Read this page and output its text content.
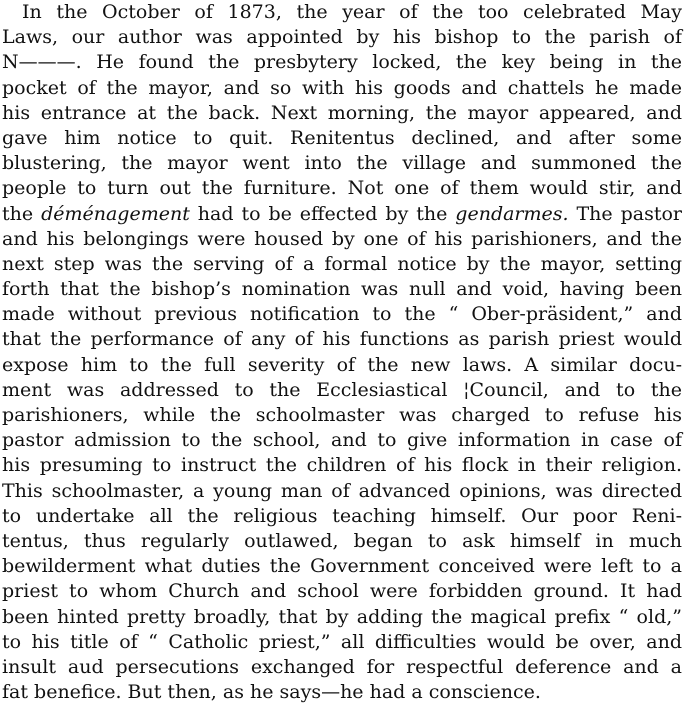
In the October of 1873, the year of the too celebrated May
Laws, our author was appointed by his bishop to the parish of
N———. He found the presbytery locked, the key being in the
pocket of the mayor, and so with his goods and chattels he made
his entrance at the back. Next morning, the mayor appeared, and
gave him notice to quit. Renitentus declined, and after some
blustering, the mayor went into the village and summoned the
people to turn out the furniture. Not one of them would stir, and
the déménagement had to be effected by the gendarmes. The pastor
and his belongings were housed by one of his parishioners, and the
next step was the serving of a formal notice by the mayor, setting
forth that the bishop’s nomination was null and void, having been
made without previous notification to the “ Ober-präsident,” and
that the performance of any of his functions as parish priest would
expose him to the full severity of the new laws. A similar docu-
ment was addressed to the Ecclesiastical ¦Council, and to the
parishioners, while the schoolmaster was charged to refuse his
pastor admission to the school, and to give information in case of
his presuming to instruct the children of his flock in their religion.
This schoolmaster, a young man of advanced opinions, was directed
to undertake all the religious teaching himself. Our poor Reni-
tentus, thus regularly outlawed, began to ask himself in much
bewilderment what duties the Government conceived were left to a
priest to whom Church and school were forbidden ground. It had
been hinted pretty broadly, that by adding the magical prefix “ old,”
to his title of “ Catholic priest,” all difficulties would be over, and
insult aud persecutions exchanged for respectful deference and a
fat benefice. But then, as he says—he had a conscience.
